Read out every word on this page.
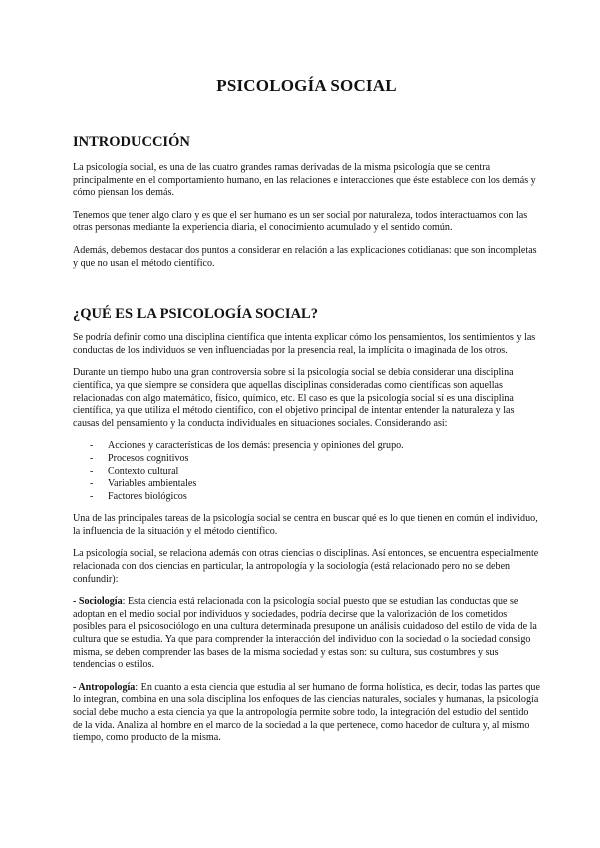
PSICOLOGÍA SOCIAL
INTRODUCCIÓN

La psicología social, es una de las cuatro grandes ramas derivadas de la misma psicología que se centra principalmente en el comportamiento humano, en las relaciones e interacciones que éste establece con los demás y cómo piensan los demás.

Tenemos que tener algo claro y es que el ser humano es un ser social por naturaleza, todos interactuamos con las otras personas mediante la experiencia diaria, el conocimiento acumulado y el sentido común.

Además, debemos destacar dos puntos a considerar en relación a las explicaciones cotidianas: que son incompletas y que no usan el método científico.

¿QUÉ ES LA PSICOLOGÍA SOCIAL?

Se podría definir como una disciplina científica que intenta explicar cómo los pensamientos, los sentimientos y las conductas de los individuos se ven influenciadas por la presencia real, la implícita o imaginada de los otros.

Durante un tiempo hubo una gran controversia sobre si la psicología social se debía considerar una disciplina científica, ya que siempre se considera que aquellas disciplinas consideradas como científicas son aquellas relacionadas con algo matemático, físico, químico, etc. El caso es que la psicología social sí es una disciplina científica, ya que utiliza el método científico, con el objetivo principal de intentar entender la naturaleza y las causas del pensamiento y la conducta individuales en situaciones sociales. Considerando así:

- Acciones y características de los demás: presencia y opiniones del grupo.
- Procesos cognitivos
- Contexto cultural
- Variables ambientales
- Factores biológicos

Una de las principales tareas de la psicología social se centra en buscar qué es lo que tienen en común el individuo, la influencia de la situación y el método científico.

La psicología social, se relaciona además con otras ciencias o disciplinas. Así entonces, se encuentra especialmente relacionada con dos ciencias en particular, la antropología y la sociología (está relacionado pero no se deben confundir):

- Sociología: Esta ciencia está relacionada con la psicología social puesto que se estudian las conductas que se adoptan en el medio social por individuos y sociedades, podría decirse que la valorización de los cometidos posibles para el psicosociólogo en una cultura determinada presupone un análisis cuidadoso del estilo de vida de la cultura que se estudia. Ya que para comprender la interacción del individuo con la sociedad o la sociedad consigo misma, se deben comprender las bases de la misma sociedad y estas son: su cultura, sus costumbres y sus tendencias o estilos.

- Antropología: En cuanto a esta ciencia que estudia al ser humano de forma holística, es decir, todas las partes que lo integran, combina en una sola disciplina los enfoques de las ciencias naturales, sociales y humanas, la psicología social debe mucho a esta ciencia ya que la antropología permite sobre todo, la integración del estudio del sentido de la vida. Analiza al hombre en el marco de la sociedad a la que pertenece, como hacedor de cultura y, al mismo tiempo, como producto de la misma.
